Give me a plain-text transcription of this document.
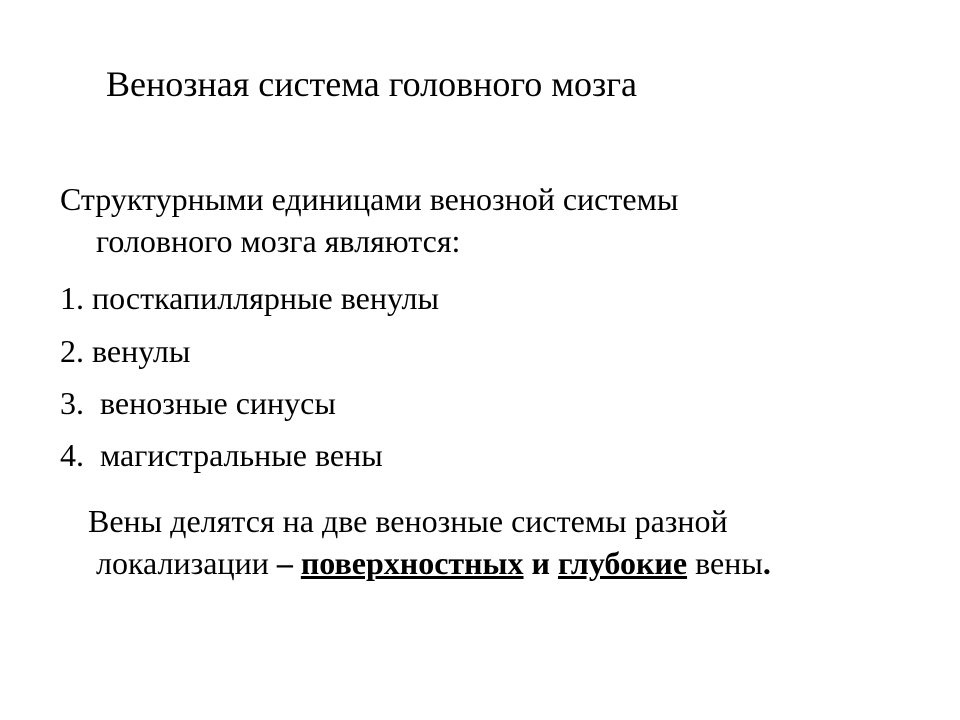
Венозная система головного мозга
Структурными единицами венозной системы
головного мозга являются:
1. посткапиллярные венулы
2. венулы
3.  венозные синусы
4.  магистральные вены
Вены делятся на две венозные системы разной
локализации – поверхностных и глубокие вены.
